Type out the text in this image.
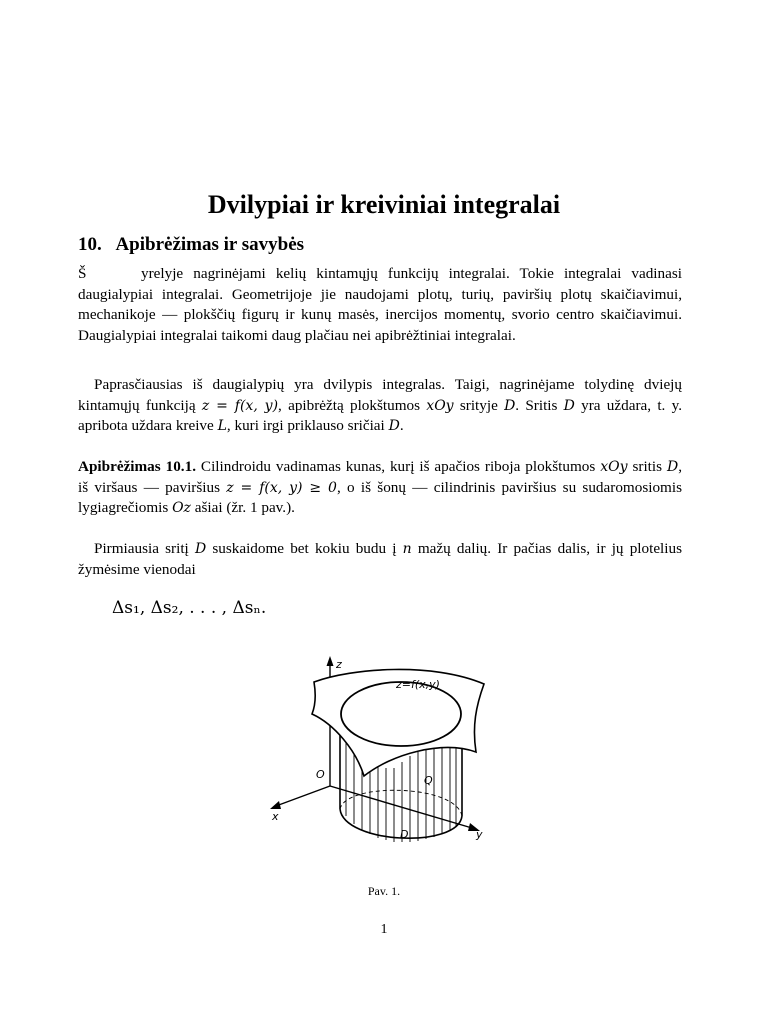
Dvilypiai ir kreiviniai integralai
10. Apibrėžimas ir savybės

Š	yrelyje nagrinėjami kelių kintamųjų funkcijų integralai. Tokie integralai vadinasi daugialypiai integralai. Geometrijoje jie naudojami plotų, turių, paviršių plotų skaičiavimui, mechanikoje — plokščių figurų ir kunų masės, inercijos momentų, svorio centro skaičiavimui. Daugialypiai integralai taikomi daug plačiau nei apibrėžtiniai integralai.

Paprasčiausias iš daugialypių yra dvilypis integralas. Taigi, nagrinėjame tolydinę dviejų kintamųjų funkciją z = f(x, y), apibrėžtą plokštumos xOy srityje D. Sritis D yra uždara, t. y. apribota uždara kreive L, kuri irgi priklauso sričiai D.

Apibrėžimas 10.1. Cilindroidu vadinamas kunas, kurį iš apačios riboja plokštumos xOy sritis D, iš viršaus — paviršius z = f(x, y) ≥ 0, o iš šonų — cilindrinis paviršius su sudaromosiomis lygiagrečiomis Oz ašiai (žr. 1 pav.).

Pirmiausia sritį D suskaidome bet kokiu budu į n mažų dalių. Ir pačias dalis, ir jų plotelius žymėsime vienodai

Δs₁, Δs₂, . . . , Δsₙ.
z
z=f(x,y)
O	Q
D
x
y
Pav. 1.
1
